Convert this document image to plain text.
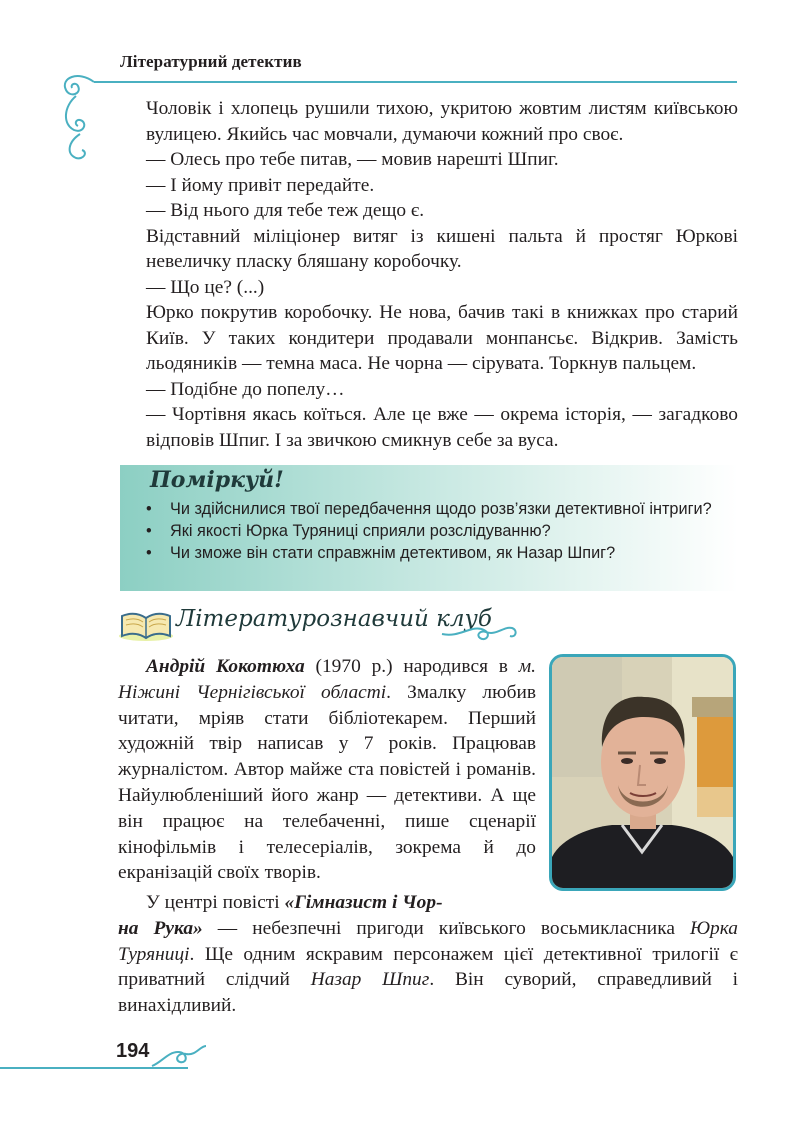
Літературний детектив

Чоловік і хлопець рушили тихою, укритою жовтим листям київською вулицею. Якийсь час мовчали, думаючи кожний про своє.

— Олесь про тебе питав, — мовив нарешті Шпиг.

— І йому привіт передайте.

— Від нього для тебе теж дещо є.

Відставний міліціонер витяг із кишені пальта й простяг Юркові невеличку пласку бляшану коробочку.

— Що це? (...)

Юрко покрутив коробочку. Не нова, бачив такі в книжках про старий Київ. У таких кондитери продавали монпансьє. Відкрив. Замість льодяників — темна маса. Не чорна — сірувата. Торкнув пальцем.

— Подібне до попелу…

— Чортівня якась коїться. Але це вже — окрема історія, — загадково відповів Шпиг. І за звичкою смикнув себе за вуса.

Поміркуй!
• Чи здійснилися твої передбачення щодо розв’язки детективної інтриги?
• Які якості Юрка Туряниці сприяли розслідуванню?
• Чи зможе він стати справжнім детективом, як Назар Шпиг?
Літературознавчий клуб

Андрій Кокотюха (1970 р.) народився в м. Ніжині Чернігівської області. Змалку любив читати, мріяв стати бібліотекарем. Перший художній твір написав у 7 років. Працював журналістом. Автор майже ста повістей і романів. Найулюбленіший його жанр — детективи. А ще він працює на телебаченні, пише сценарії кінофільмів і телесеріалів, зокрема й до екранізацій своїх творів.

У центрі повісті «Гімназист і Чор-
на Рука» — небезпечні пригоди київського восьмикласника Юрка Туряниці. Ще одним яскравим персонажем цієї детективної трилогії є приватний слідчий Назар Шпиг. Він суворий, справедливий і винахідливий.

194
